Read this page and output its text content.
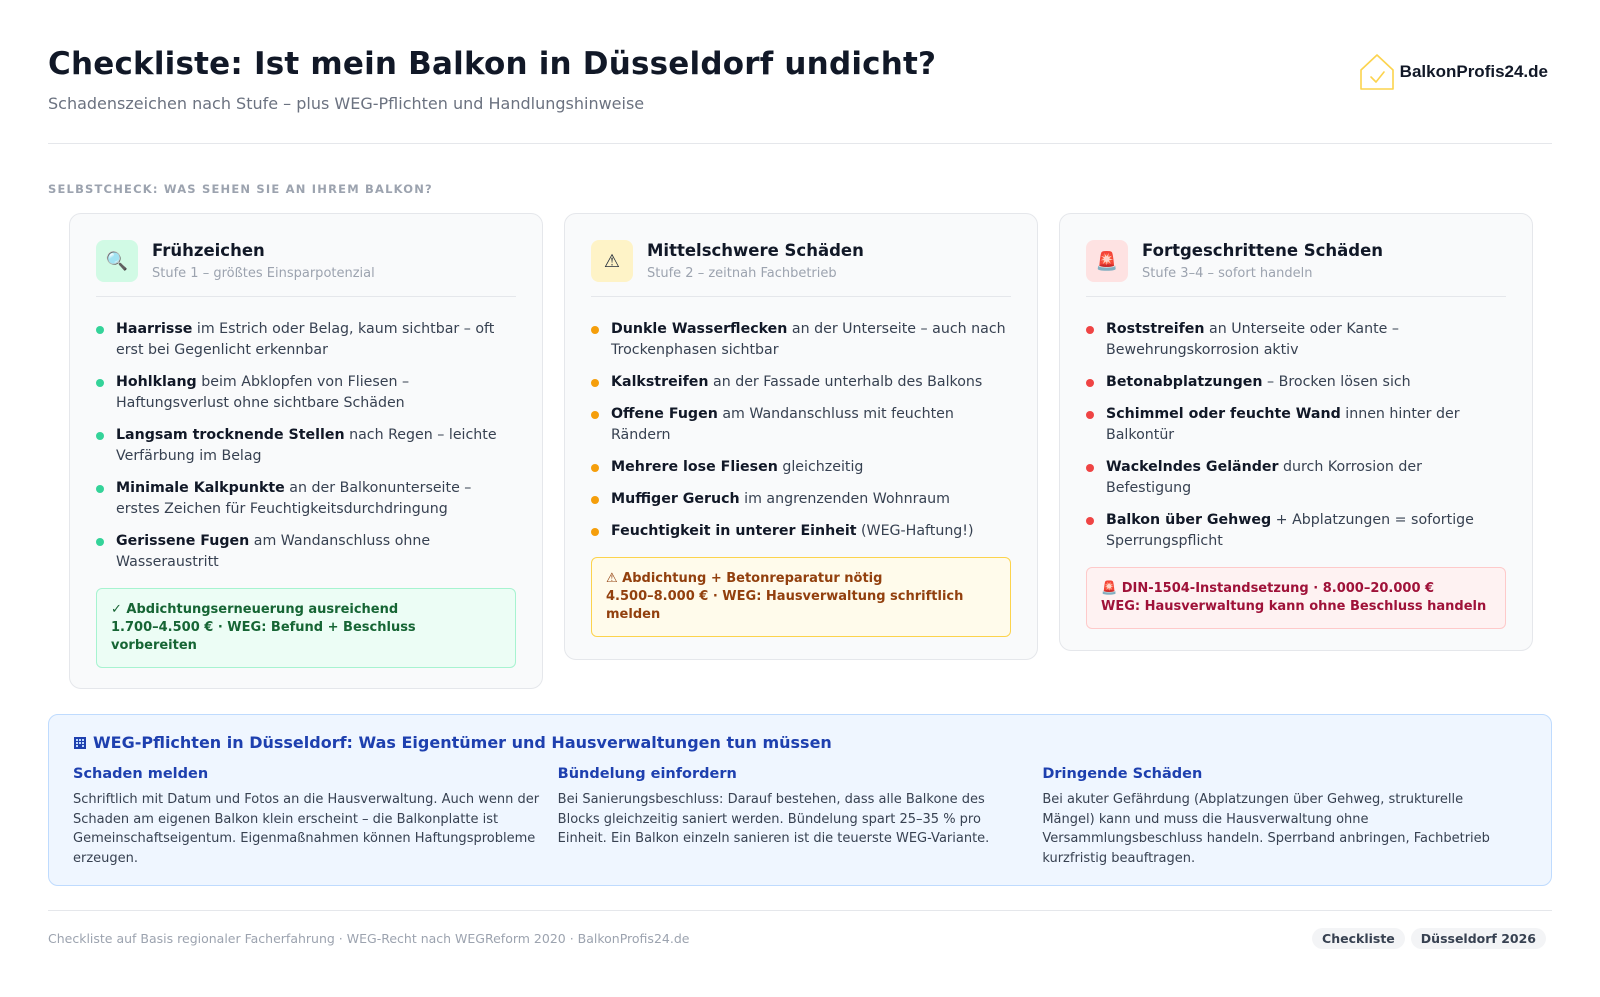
Checkliste: Ist mein Balkon in Düsseldorf undicht?
Schadenszeichen nach Stufe – plus WEG-Pflichten und Handlungshinweise
BalkonProfis24.de
SELBSTCHECK: WAS SEHEN SIE AN IHREM BALKON?
🔍	Frühzeichen
Stufe 1 – größtes Einsparpotenzial
Haarrisse im Estrich oder Belag, kaum sichtbar – oft erst bei Gegenlicht erkennbar
Hohlklang beim Abklopfen von Fliesen – Haftungsverlust ohne sichtbare Schäden
Langsam trocknende Stellen nach Regen – leichte Verfärbung im Belag
Minimale Kalkpunkte an der Balkonunterseite – erstes Zeichen für Feuchtigkeitsdurchdringung
Gerissene Fugen am Wandanschluss ohne Wasseraustritt
✓ Abdichtungserneuerung ausreichend
1.700–4.500 € · WEG: Befund + Beschluss vorbereiten
⚠	Mittelschwere Schäden
Stufe 2 – zeitnah Fachbetrieb
Dunkle Wasserflecken an der Unterseite – auch nach Trockenphasen sichtbar
Kalkstreifen an der Fassade unterhalb des Balkons
Offene Fugen am Wandanschluss mit feuchten Rändern
Mehrere lose Fliesen gleichzeitig
Muffiger Geruch im angrenzenden Wohnraum
Feuchtigkeit in unterer Einheit (WEG-Haftung!)
⚠ Abdichtung + Betonreparatur nötig
4.500–8.000 € · WEG: Hausverwaltung schriftlich melden
🚨	Fortgeschrittene Schäden
Stufe 3–4 – sofort handeln
Roststreifen an Unterseite oder Kante – Bewehrungskorrosion aktiv
Betonabplatzungen – Brocken lösen sich
Schimmel oder feuchte Wand innen hinter der Balkontür
Wackelndes Geländer durch Korrosion der Befestigung
Balkon über Gehweg + Abplatzungen = sofortige Sperrungspflicht
🚨 DIN-1504-Instandsetzung · 8.000–20.000 €
WEG: Hausverwaltung kann ohne Beschluss handeln
WEG-Pflichten in Düsseldorf: Was Eigentümer und Hausverwaltungen tun müssen
Schaden melden
Schriftlich mit Datum und Fotos an die Hausverwaltung. Auch wenn der Schaden am eigenen Balkon klein erscheint – die Balkonplatte ist Gemeinschaftseigentum. Eigenmaßnahmen können Haftungsprobleme erzeugen.
Bündelung einfordern
Bei Sanierungsbeschluss: Darauf bestehen, dass alle Balkone des Blocks gleichzeitig saniert werden. Bündelung spart 25–35 % pro Einheit. Ein Balkon einzeln sanieren ist die teuerste WEG-Variante.
Dringende Schäden
Bei akuter Gefährdung (Abplatzungen über Gehweg, strukturelle Mängel) kann und muss die Hausverwaltung ohne Versammlungsbeschluss handeln. Sperrband anbringen, Fachbetrieb kurzfristig beauftragen.
Checkliste auf Basis regionaler Facherfahrung · WEG-Recht nach WEGReform 2020 · BalkonProfis24.de	Checkliste	Düsseldorf 2026
